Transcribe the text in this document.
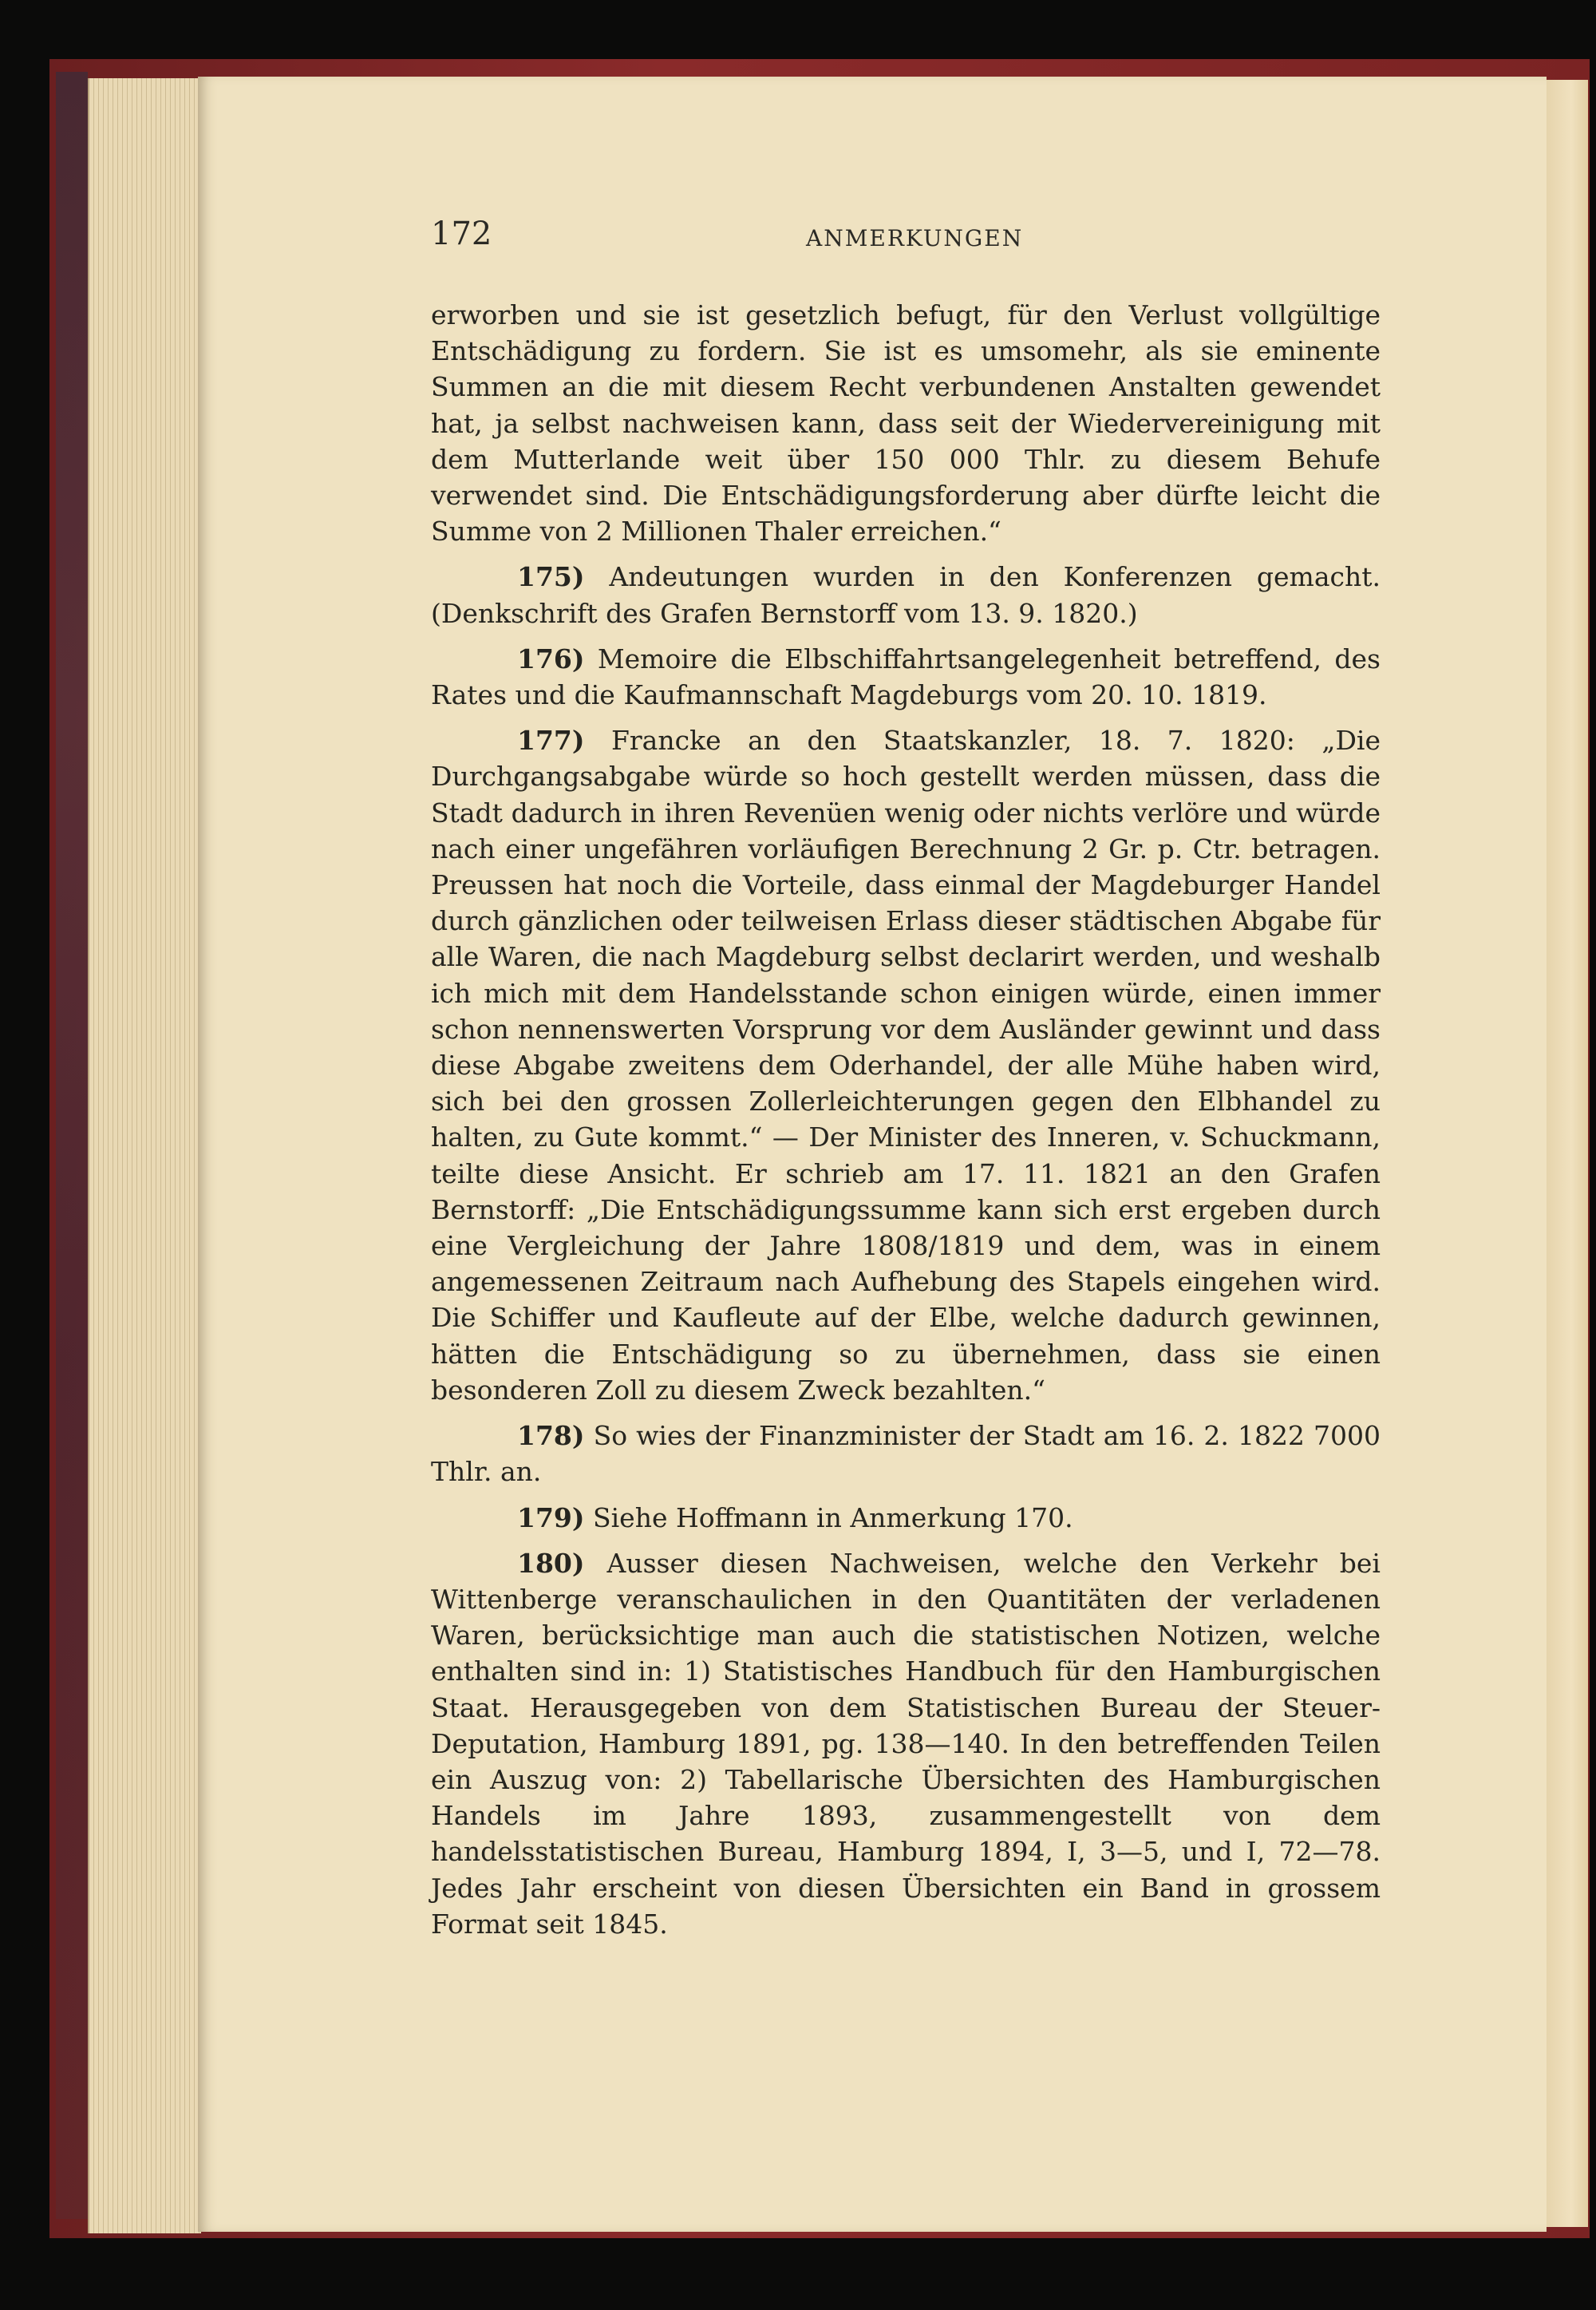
172	ANMERKUNGEN

erworben und sie ist gesetzlich befugt, für den Verlust vollgültige Entschädigung zu fordern. Sie ist es umsomehr, als sie eminente Summen an die mit diesem Recht verbundenen Anstalten gewendet hat, ja selbst nachweisen kann, dass seit der Wiedervereinigung mit dem Mutterlande weit über 150 000 Thlr. zu diesem Behufe verwendet sind. Die Entschädigungsforderung aber dürfte leicht die Summe von 2 Millionen Thaler erreichen.“

175) Andeutungen wurden in den Konferenzen gemacht. (Denkschrift des Grafen Bernstorff vom 13. 9. 1820.)

176) Memoire die Elbschiffahrtsangelegenheit betreffend, des Rates und die Kaufmannschaft Magdeburgs vom 20. 10. 1819.

177) Francke an den Staatskanzler, 18. 7. 1820: „Die Durchgangsabgabe würde so hoch gestellt werden müssen, dass die Stadt dadurch in ihren Revenüen wenig oder nichts verlöre und würde nach einer ungefähren vorläufigen Berechnung 2 Gr. p. Ctr. betragen. Preussen hat noch die Vorteile, dass einmal der Magdeburger Handel durch gänzlichen oder teilweisen Erlass dieser städtischen Abgabe für alle Waren, die nach Magdeburg selbst declarirt werden, und weshalb ich mich mit dem Handelsstande schon einigen würde, einen immer schon nennenswerten Vorsprung vor dem Ausländer gewinnt und dass diese Abgabe zweitens dem Oderhandel, der alle Mühe haben wird, sich bei den grossen Zollerleichterungen gegen den Elbhandel zu halten, zu Gute kommt.“ — Der Minister des Inneren, v. Schuckmann, teilte diese Ansicht. Er schrieb am 17. 11. 1821 an den Grafen Bernstorff: „Die Entschädigungssumme kann sich erst ergeben durch eine Vergleichung der Jahre 1808/1819 und dem, was in einem angemessenen Zeitraum nach Aufhebung des Stapels eingehen wird. Die Schiffer und Kaufleute auf der Elbe, welche dadurch gewinnen, hätten die Entschädigung so zu übernehmen, dass sie einen besonderen Zoll zu diesem Zweck bezahlten.“

178) So wies der Finanzminister der Stadt am 16. 2. 1822 7000 Thlr. an.

179) Siehe Hoffmann in Anmerkung 170.

180) Ausser diesen Nachweisen, welche den Verkehr bei Wittenberge veranschaulichen in den Quantitäten der verladenen Waren, berücksichtige man auch die statistischen Notizen, welche enthalten sind in: 1) Statistisches Handbuch für den Hamburgischen Staat. Herausgegeben von dem Statistischen Bureau der Steuer-Deputation, Hamburg 1891, pg. 138—140. In den betreffenden Teilen ein Auszug von: 2) Tabellarische Übersichten des Hamburgischen Handels im Jahre 1893, zusammengestellt von dem handelsstatistischen Bureau, Hamburg 1894, I, 3—5, und I, 72—78. Jedes Jahr erscheint von diesen Übersichten ein Band in grossem Format seit 1845.
